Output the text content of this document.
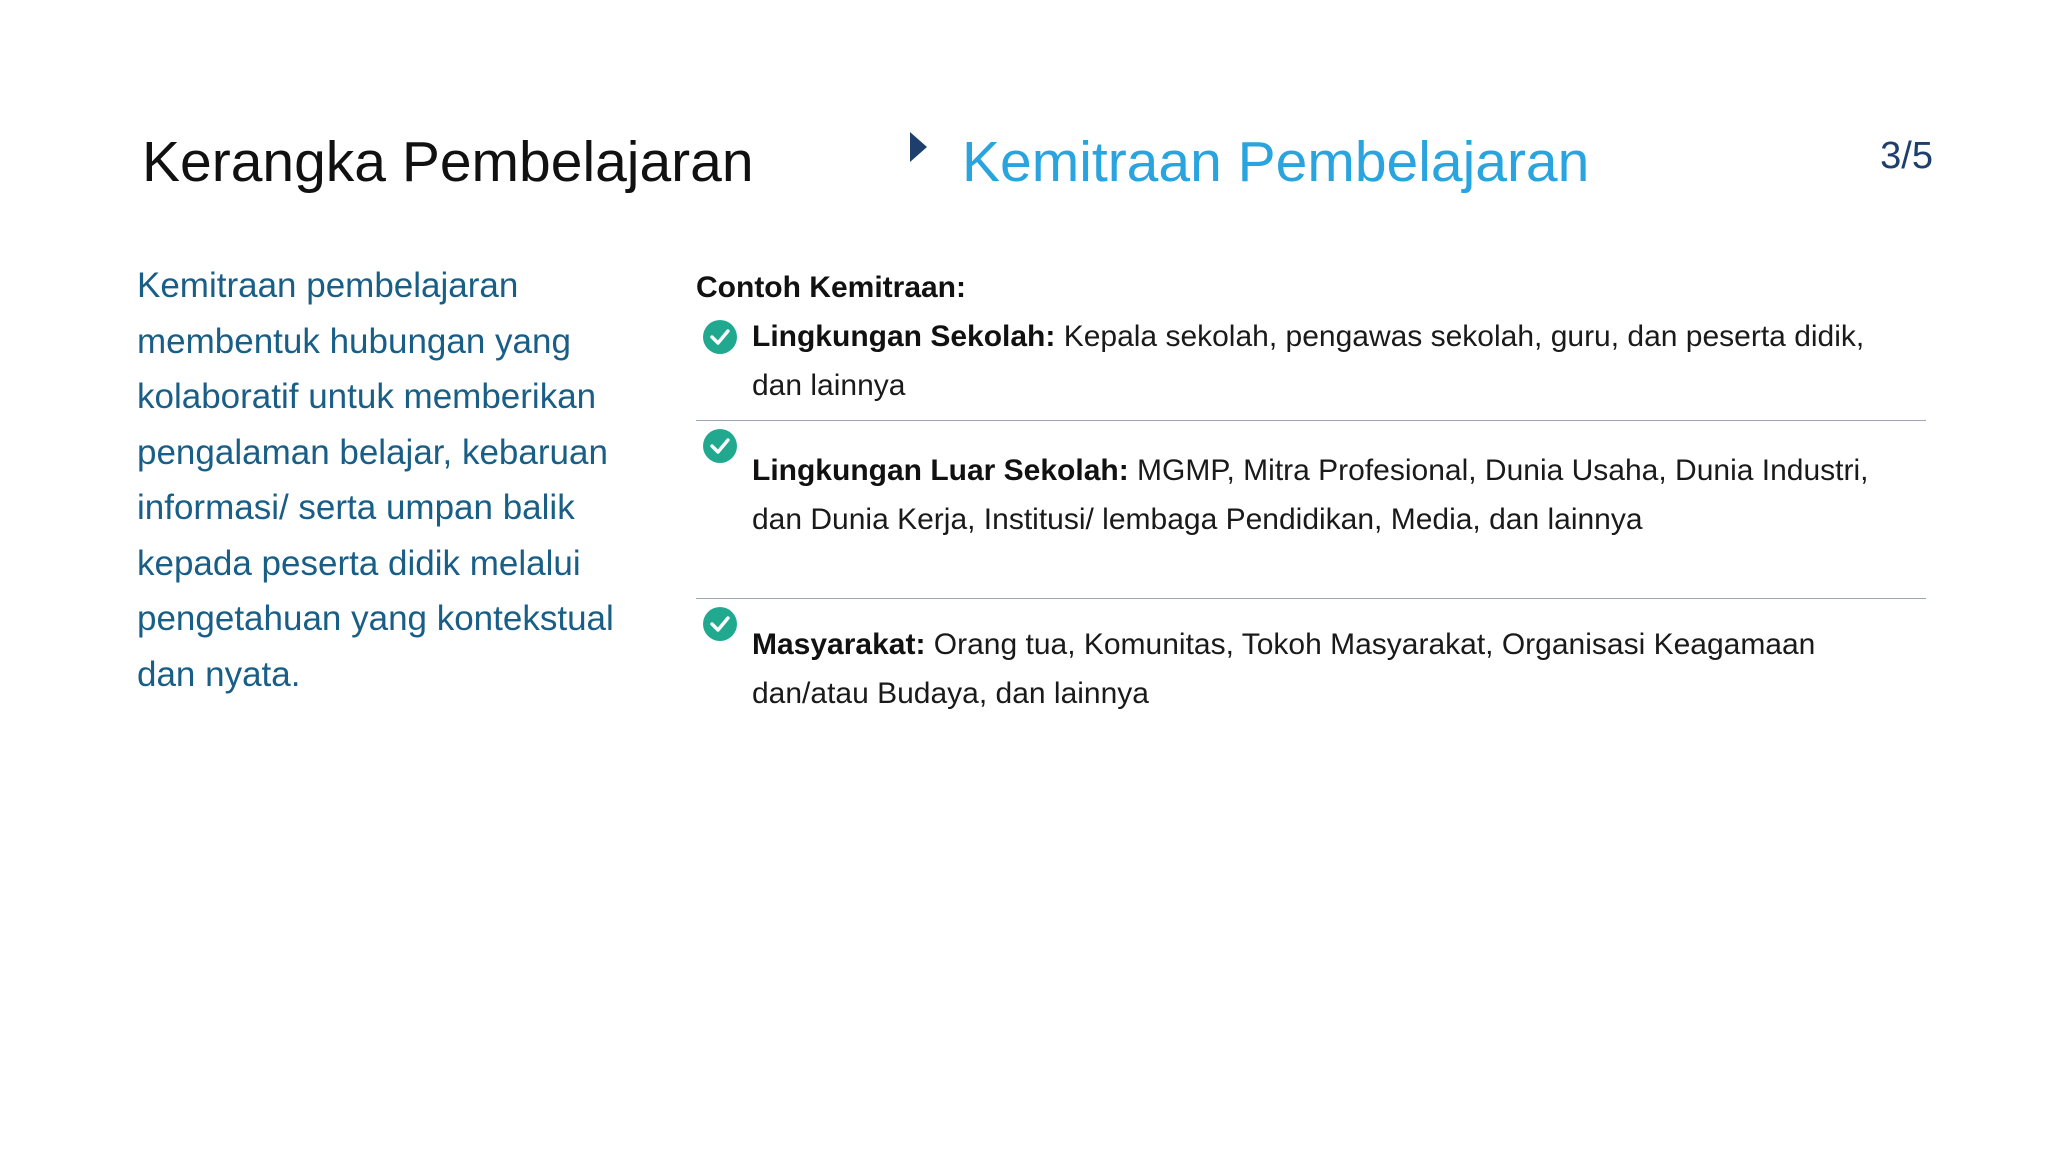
Kerangka Pembelajaran	Kemitraan Pembelajaran	3/5
Kemitraan pembelajaran membentuk hubungan yang kolaboratif untuk memberikan pengalaman belajar, kebaruan informasi/ serta umpan balik kepada peserta didik melalui pengetahuan yang kontekstual dan nyata.
Contoh Kemitraan:
Lingkungan Sekolah: Kepala sekolah, pengawas sekolah, guru, dan peserta didik, dan lainnya
Lingkungan Luar Sekolah: MGMP, Mitra Profesional, Dunia Usaha, Dunia Industri, dan Dunia Kerja, Institusi/ lembaga Pendidikan, Media, dan lainnya
Masyarakat: Orang tua, Komunitas, Tokoh Masyarakat, Organisasi Keagamaan dan/atau Budaya, dan lainnya
